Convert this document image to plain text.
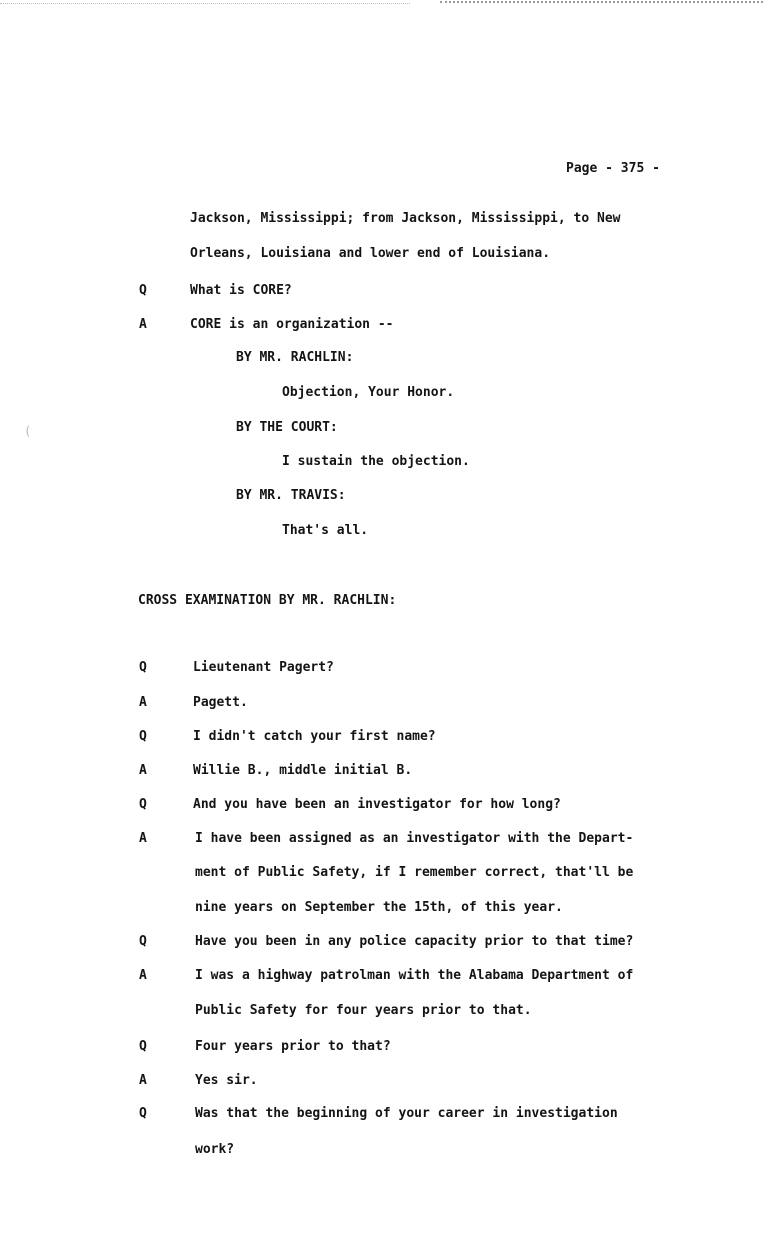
Page - 375 -
Jackson, Mississippi; from Jackson, Mississippi, to New
Orleans, Louisiana and lower end of Louisiana.
Q	What is CORE?
A	CORE is an organization --
BY MR. RACHLIN:
Objection, Your Honor.
BY THE COURT:
I sustain the objection.
BY MR. TRAVIS:
That's all.
CROSS EXAMINATION BY MR. RACHLIN:
Q	Lieutenant Pagert?
A	Pagett.
Q	I didn't catch your first name?
A	Willie B., middle initial B.
Q	And you have been an investigator for how long?
A	I have been assigned as an investigator with the Depart-
ment of Public Safety, if I remember correct, that'll be
nine years on September the 15th, of this year.
Q	Have you been in any police capacity prior to that time?
A	I was a highway patrolman with the Alabama Department of
Public Safety for four years prior to that.
Q	Four years prior to that?
A	Yes sir.
Q	Was that the beginning of your career in investigation
work?
(
